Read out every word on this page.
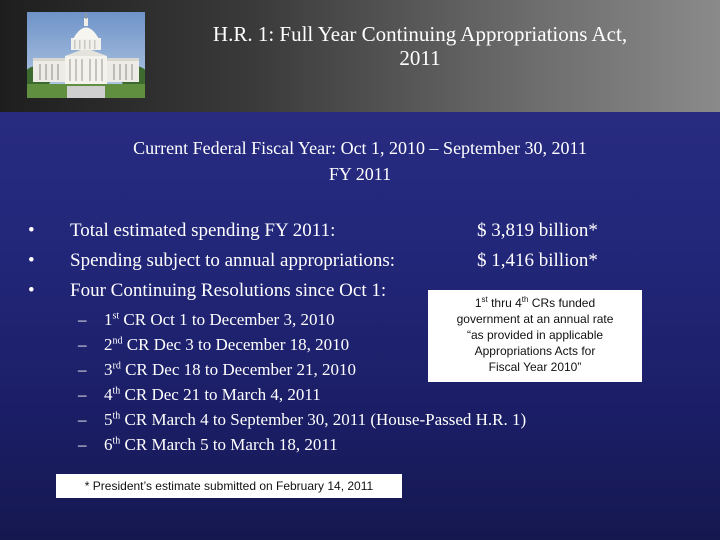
H.R. 1: Full Year Continuing Appropriations Act,
2011
Current Federal Fiscal Year: Oct 1, 2010 – September 30, 2011
FY 2011
• Total estimated spending FY 2011:	$ 3,819 billion*
• Spending subject to annual appropriations:	$ 1,416 billion*
• Four Continuing Resolutions since Oct 1:
1st thru 4th CRs funded
government at an annual rate
“as provided in applicable
Appropriations Acts for
Fiscal Year 2010”
– 1st CR Oct 1 to December 3, 2010
– 2nd CR Dec 3 to December 18, 2010
– 3rd CR Dec 18 to December 21, 2010
– 4th CR Dec 21 to March 4, 2011
– 5th CR March 4 to September 30, 2011 (House-Passed H.R. 1)
– 6th CR March 5 to March 18, 2011
* President’s estimate submitted on February 14, 2011
